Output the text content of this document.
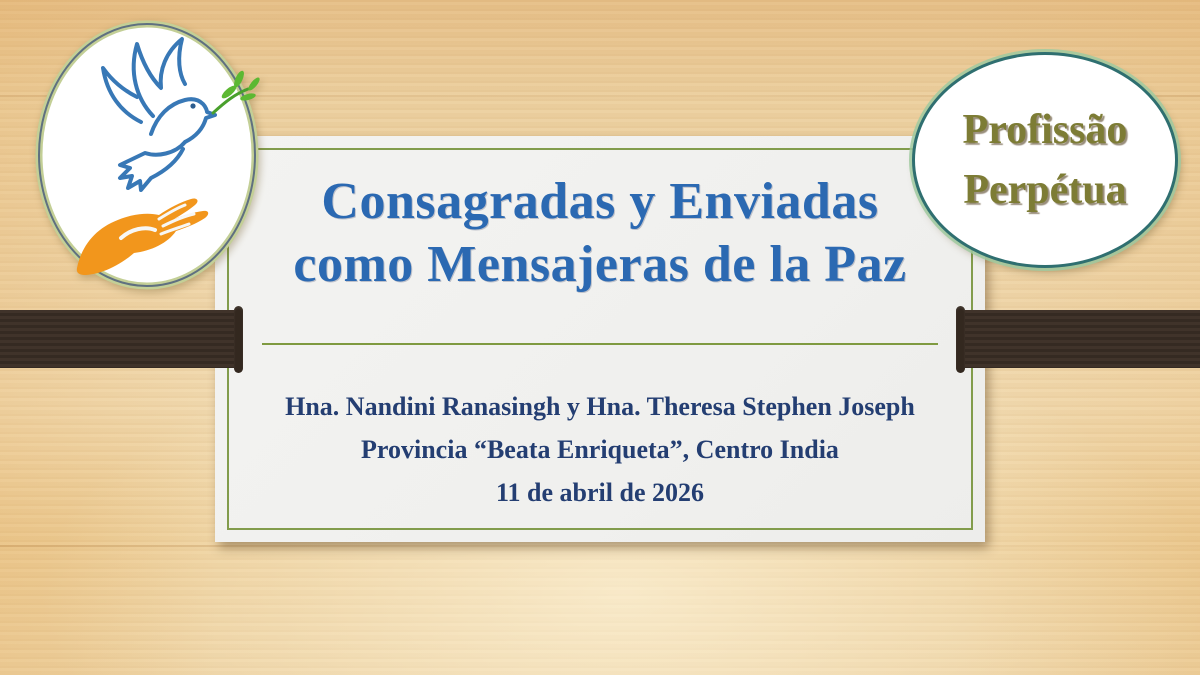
Consagradas y Enviadas
como Mensajeras de la Paz
Hna. Nandini Ranasingh y Hna. Theresa Stephen Joseph
Provincia “Beata Enriqueta”, Centro India
11 de abril de 2026
Profissão
Perpétua
